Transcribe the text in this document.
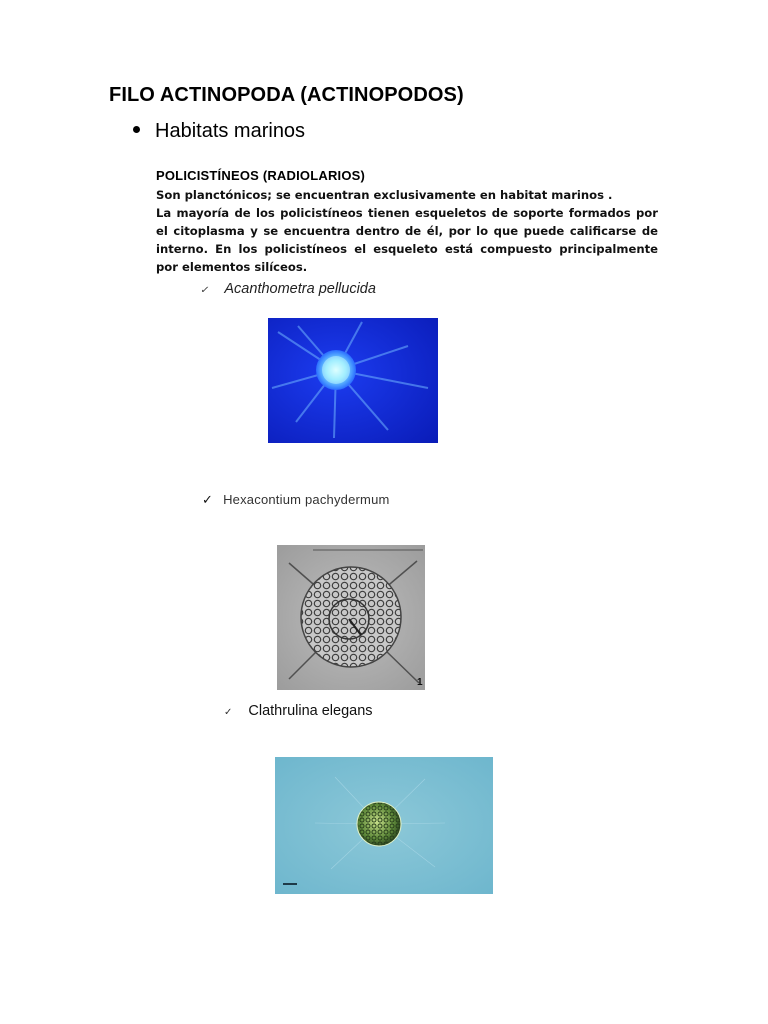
FILO ACTINOPODA (ACTINOPODOS)
Habitats marinos
POLICISTÍNEOS (RADIOLARIOS)

Son planctónicos; se encuentran exclusivamente en habitat marinos .

La mayoría de los policistíneos tienen esqueletos de soporte formados por el citoplasma y se encuentra dentro de él, por lo que puede calificarse de interno. En los policistíneos el esqueleto está compuesto principalmente por elementos silíceos.

✓ Acanthometra pellucida
✓ Hexacontium pachydermum
1
✓ Clathrulina elegans
